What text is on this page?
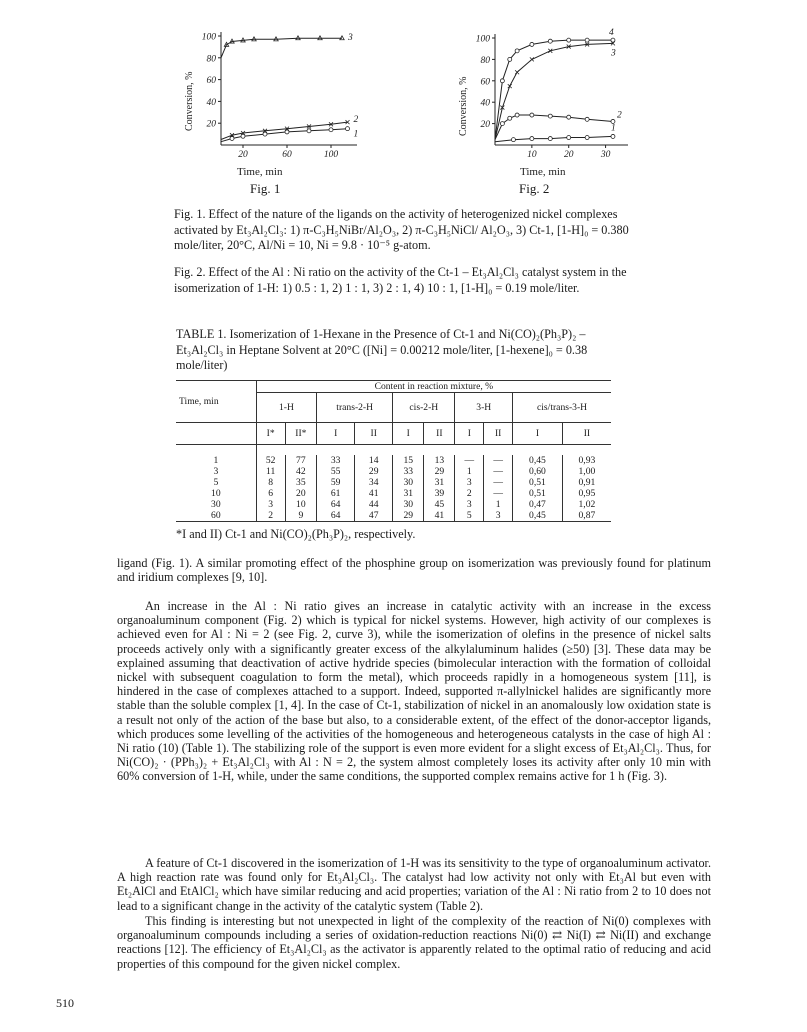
100
80
60
40
20
20	60	100
3
2
1
Conversion, %
Time, min
Fig. 1
100
80
60
40
20
10	20	30
4
3
2
1
Conversion, %
Time, min
Fig. 2
Fig. 1. Effect of the nature of the ligands on the activity of heterogenized nickel complexes activated by Et₃Al₂Cl₃: 1) π-C₃H₅NiBr/Al₂O₃, 2) π-C₃H₅NiCl/ Al₂O₃, 3) Ct-1, [1-H]₀ = 0.380 mole/liter, 20°C, Al/Ni = 10, Ni = 9.8 · 10⁻⁵ g-atom.
Fig. 2. Effect of the Al : Ni ratio on the activity of the Ct-1 – Et₃Al₂Cl₃ catalyst system in the isomerization of 1-H: 1) 0.5 : 1, 2) 1 : 1, 3) 2 : 1, 4) 10 : 1, [1-H]₀ = 0.19 mole/liter.
TABLE 1. Isomerization of 1-Hexane in the Presence of Ct-1 and Ni(CO)₂(Ph₃P)₂ – Et₃Al₂Cl₃ in Heptane Solvent at 20°C ([Ni] = 0.00212 mole/liter, [1-hexene]₀ = 0.38 mole/liter)
Time, min	Content in reaction mixture, %									
	1-H		trans-2-H		cis-2-H		3-H		cis/trans-3-H	
	I*	II*	I	II	I	II	I	II	I	II

1	52	77	33	14	15	13	—	—	0,45	0,93
3	11	42	55	29	33	29	1	—	0,60	1,00
5	8	35	59	34	30	31	3	—	0,51	0,91
10	6	20	61	41	31	39	2	—	0,51	0,95
30	3	10	64	44	30	45	3	1	0,47	1,02
60	2	9	64	47	29	41	5	3	0,45	0,87
*I and II) Ct-1 and Ni(CO)₂(Ph₃P)₂, respectively.
ligand (Fig. 1). A similar promoting effect of the phosphine group on isomerization was previously found for platinum and iridium complexes [9, 10].
An increase in the Al : Ni ratio gives an increase in catalytic activity with an increase in the excess organoaluminum component (Fig. 2) which is typical for nickel systems. However, high activity of our complexes is achieved even for Al : Ni = 2 (see Fig. 2, curve 3), while the isomerization of olefins in the presence of nickel salts proceeds actively only with a significantly greater excess of the alkylaluminum halides (≥50) [3]. These data may be explained assuming that deactivation of active hydride species (bimolecular interaction with the formation of colloidal nickel with subsequent coagulation to form the metal), which proceeds rapidly in a homogeneous system [11], is hindered in the case of complexes attached to a support. Indeed, supported π-allylnickel halides are significantly more stable than the soluble complex [1, 4]. In the case of Ct-1, stabilization of nickel in an anomalously low oxidation state is a result not only of the action of the base but also, to a considerable extent, of the effect of the donor-acceptor ligands, which produces some levelling of the activities of the homogeneous and heterogeneous catalysts in the case of high Al : Ni ratio (10) (Table 1). The stabilizing role of the support is even more evident for a slight excess of Et₃Al₂Cl₃. Thus, for Ni(CO)₂ · (PPh₃)₂ + Et₃Al₂Cl₃ with Al : N = 2, the system almost completely loses its activity after only 10 min with 60% conversion of 1-H, while, under the same conditions, the supported complex remains active for 1 h (Fig. 3).
A feature of Ct-1 discovered in the isomerization of 1-H was its sensitivity to the type of organoaluminum activator. A high reaction rate was found only for Et₃Al₂Cl₃. The catalyst had low activity not only with Et₃Al but even with Et₂AlCl and EtAlCl₂ which have similar reducing and acid properties; variation of the Al : Ni ratio from 2 to 10 does not lead to a significant change in the activity of the catalytic system (Table 2).
This finding is interesting but not unexpected in light of the complexity of the reaction of Ni(0) complexes with organoaluminum compounds including a series of oxidation-reduction reactions Ni(0) ⇄ Ni(I) ⇄ Ni(II) and exchange reactions [12]. The efficiency of Et₃Al₂Cl₃ as the activator is apparently related to the optimal ratio of reducing and acid properties of this compound for the given nickel complex.
510
